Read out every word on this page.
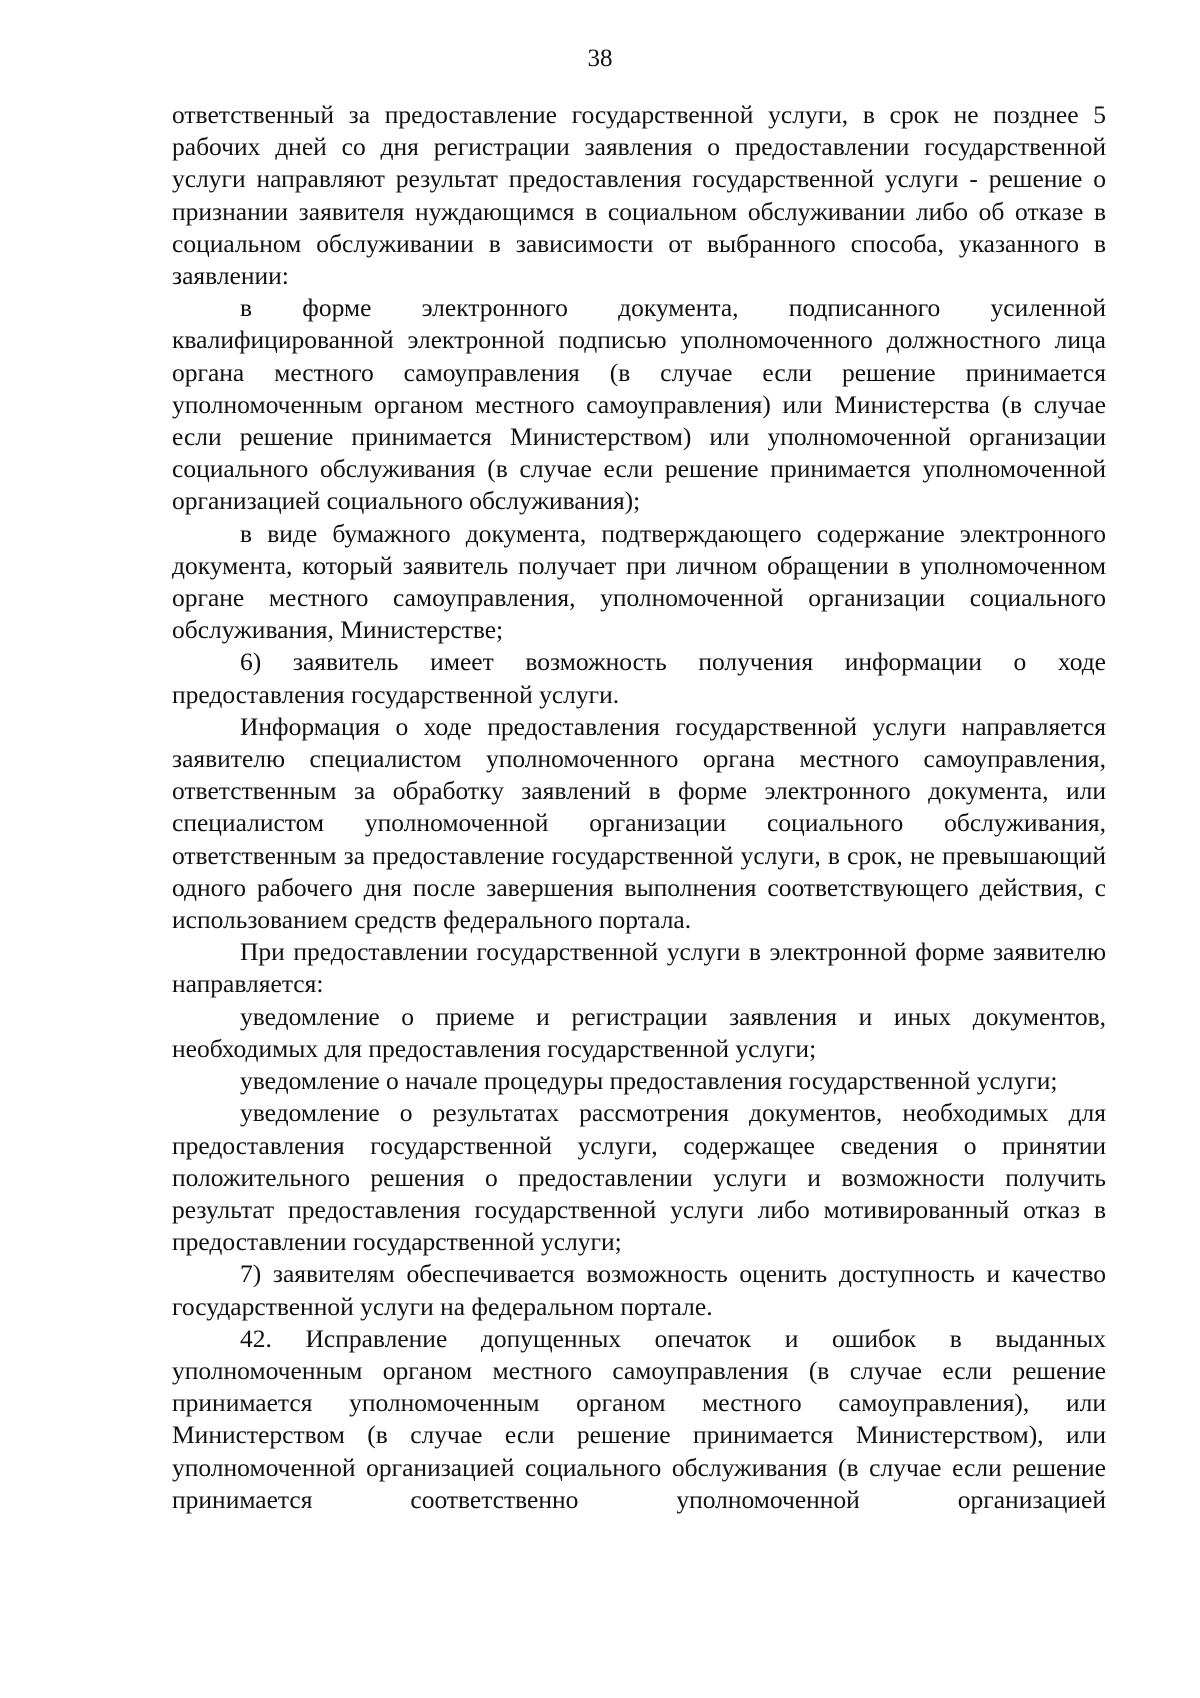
38

ответственный за предоставление государственной услуги, в срок не позднее 5 рабочих дней со дня регистрации заявления о предоставлении государственной услуги направляют результат предоставления государственной услуги - решение о признании заявителя нуждающимся в социальном обслуживании либо об отказе в социальном обслуживании в зависимости от выбранного способа, указанного в заявлении:

в форме электронного документа, подписанного усиленной квалифицированной электронной подписью уполномоченного должностного лица органа местного самоуправления (в случае если решение принимается уполномоченным органом местного самоуправления) или Министерства (в случае если решение принимается Министерством) или уполномоченной организации социального обслуживания (в случае если решение принимается уполномоченной организацией социального обслуживания);

в виде бумажного документа, подтверждающего содержание электронного документа, который заявитель получает при личном обращении в уполномоченном органе местного самоуправления, уполномоченной организации социального обслуживания, Министерстве;

6) заявитель имеет возможность получения информации о ходе предоставления государственной услуги.

Информация о ходе предоставления государственной услуги направляется заявителю специалистом уполномоченного органа местного самоуправления, ответственным за обработку заявлений в форме электронного документа, или специалистом уполномоченной организации социального обслуживания, ответственным за предоставление государственной услуги, в срок, не превышающий одного рабочего дня после завершения выполнения соответствующего действия, с использованием средств федерального портала.

При предоставлении государственной услуги в электронной форме заявителю направляется:

уведомление о приеме и регистрации заявления и иных документов, необходимых для предоставления государственной услуги;

уведомление о начале процедуры предоставления государственной услуги;

уведомление о результатах рассмотрения документов, необходимых для предоставления государственной услуги, содержащее сведения о принятии положительного решения о предоставлении услуги и возможности получить результат предоставления государственной услуги либо мотивированный отказ в предоставлении государственной услуги;

7) заявителям обеспечивается возможность оценить доступность и качество государственной услуги на федеральном портале.

42. Исправление допущенных опечаток и ошибок в выданных уполномоченным органом местного самоуправления (в случае если решение принимается уполномоченным органом местного самоуправления), или Министерством (в случае если решение принимается Министерством), или уполномоченной организацией социального обслуживания (в случае если решение принимается соответственно уполномоченной организацией
